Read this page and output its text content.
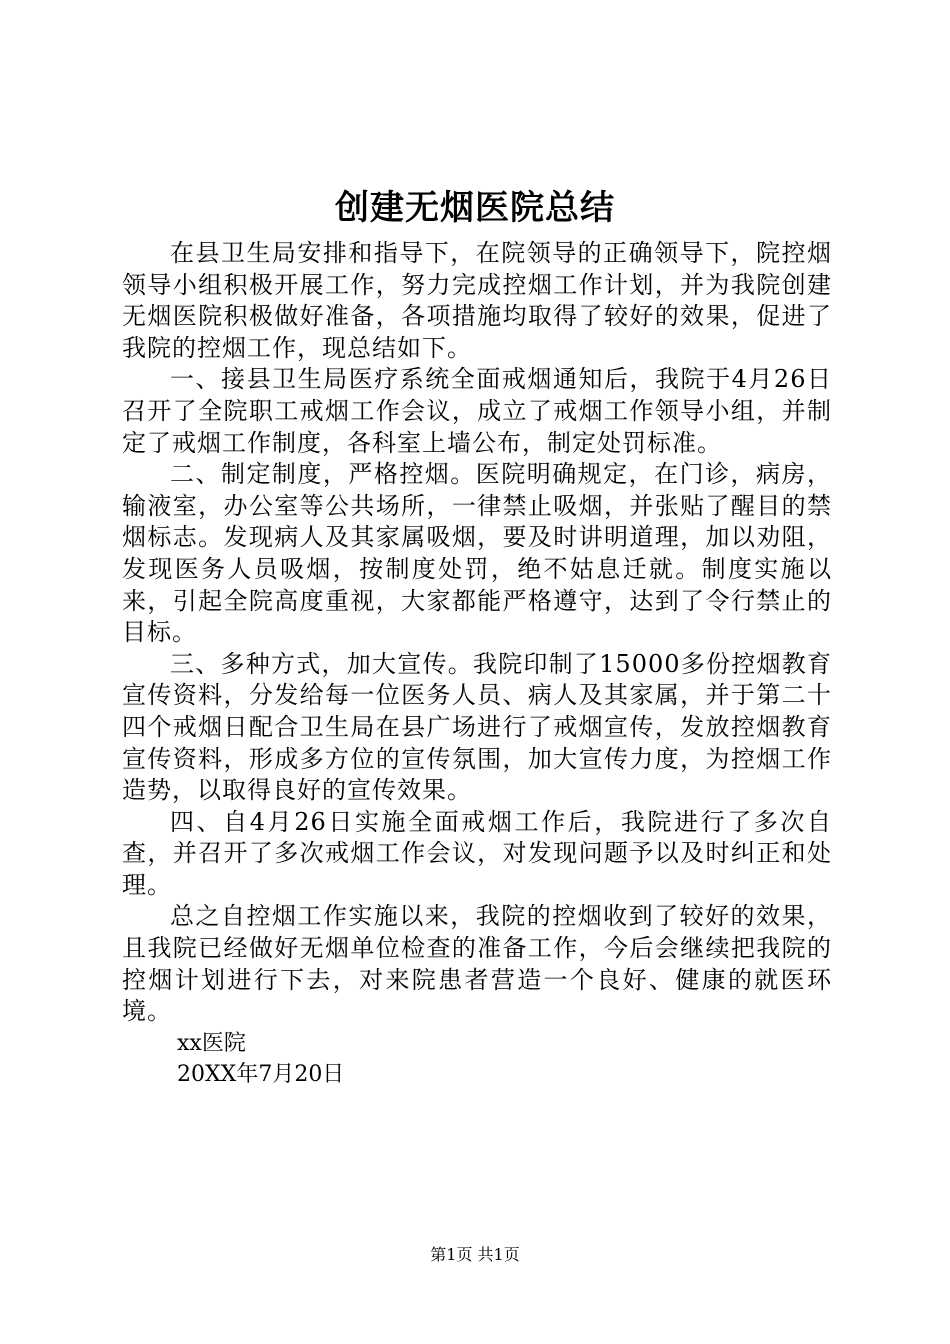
创建无烟医院总结

在县卫生局安排和指导下，在院领导的正确领导下，院控烟领导小组积极开展工作，努力完成控烟工作计划，并为我院创建无烟医院积极做好准备，各项措施均取得了较好的效果，促进了我院的控烟工作，现总结如下。

一、接县卫生局医疗系统全面戒烟通知后，我院于4月26日召开了全院职工戒烟工作会议，成立了戒烟工作领导小组，并制定了戒烟工作制度，各科室上墙公布，制定处罚标准。

二、制定制度，严格控烟。医院明确规定，在门诊，病房，输液室，办公室等公共场所，一律禁止吸烟，并张贴了醒目的禁烟标志。发现病人及其家属吸烟，要及时讲明道理，加以劝阻，发现医务人员吸烟，按制度处罚，绝不姑息迁就。制度实施以来，引起全院高度重视，大家都能严格遵守，达到了令行禁止的目标。

三、多种方式，加大宣传。我院印制了15000多份控烟教育宣传资料，分发给每一位医务人员、病人及其家属，并于第二十四个戒烟日配合卫生局在县广场进行了戒烟宣传，发放控烟教育宣传资料，形成多方位的宣传氛围，加大宣传力度，为控烟工作造势，以取得良好的宣传效果。

四、自4月26日实施全面戒烟工作后，我院进行了多次自查，并召开了多次戒烟工作会议，对发现问题予以及时纠正和处理。

总之自控烟工作实施以来，我院的控烟收到了较好的效果，且我院已经做好无烟单位检查的准备工作，今后会继续把我院的控烟计划进行下去，对来院患者营造一个良好、健康的就医环境。

xx医院

20XX年7月20日

第1页 共1页
